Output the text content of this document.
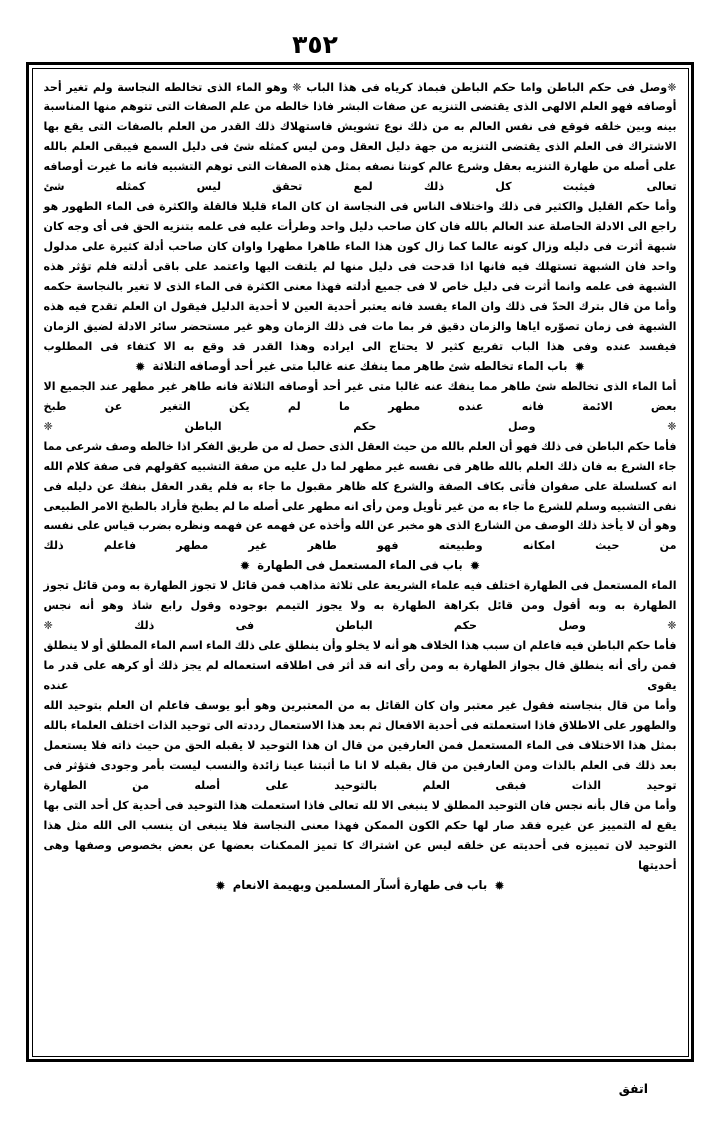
٣٥٢

❈وصل فى حكم الباطن واما حكم الباطن فبماذ كرياه فى هذا الباب ❈ وهو الماء الذى تخالطه النجاسة ولم تغير أحد أوصافه فهو العلم الالهى الذى يقتضى التنزيه عن صفات البشر فاذا خالطه من علم الصفات التى تتوهم منها المناسبة بينه وبين خلقه فوقع فى نفس العالم به من ذلك نوع تشويش فاستهلاك ذلك القدر من العلم بالصفات التى يقع بها الاشتراك فى العلم الذى يقتضى التنزيه من جهة دليل العقل ومن ليس كمثله شئ فى دليل السمع فيبقى العلم بالله على أصله من طهارة التنزيه بعقل وشرع عالم كونتا نصفه بمثل هذه الصفات التى توهم التشبيه فانه ما غيرت أوصافه تعالى فيثبت كل ذلك لمع تحقق ليس كمثله شئ

وأما حكم القليل والكثير فى ذلك واختلاف الناس فى النجاسة ان كان الماء قليلا فالقلة والكثرة فى الماء الطهور هو راجع الى الادلة الحاصلة عند العالم بالله فان كان صاحب دليل واحد وطرأت عليه فى علمه بتنزيه الحق فى أى وجه كان شبهة أثرت فى دليله وزال كونه عالما كما زال كون هذا الماء طاهرا مطهرا واوان كان صاحب أدلة كثيرة على مدلول واحد فان الشبهة تستهلك فيه فانها اذا قدحت فى دليل منها لم يلتفت اليها واعتمد على باقى أدلته فلم تؤثر هذه الشبهة فى علمه وانما أثرت فى دليل خاص لا فى جميع أدلته فهذا معنى الكثرة فى الماء الذى لا تغير بالنجاسة حكمه

وأما من قال بترك الحدّ فى ذلك وان الماء يفسد فانه يعتبر أحدية العين لا أحدية الدليل فيقول ان العلم تقدح فيه هذه الشبهة فى زمان تصوّره اياها والزمان دقيق فر بما مات فى ذلك الزمان وهو غير مستحضر سائر الادلة لضيق الزمان فيفسد عنده وفى هذا الباب تفريع كثير لا يحتاج الى ايراده وهذا القدر قد وقع به الا كتفاء فى المطلوب

✹باب الماء تخالطه شئ طاهر مما ينفك عنه غالبا متى غير أحد أوصافه الثلاثة✹

أما الماء الذى تخالطه شئ طاهر مما ينفك عنه غالبا متى غير أحد أوصافه الثلاثة فانه طاهر غير مطهر عند الجميع الا بعض الائمة فانه عنده مطهر ما لم يكن التغير عن طبخ

❈ وصل حكم الباطن ❈

فأما حكم الباطن فى ذلك فهو أن العلم بالله من حيث العقل الذى حصل له من طريق الفكر اذا خالطه وصف شرعى مما جاء الشرع به فان ذلك العلم بالله طاهر فى نفسه غير مطهر لما دل عليه من صفة التشبيه كقولهم فى صفة كلام الله انه كسلسلة على صفوان فأتى بكاف الصفة والشرع كله ظاهر مقبول ما جاء به فلم يقدر العقل بنفك عن دليله فى نفى التشبيه وسلم للشرع ما جاء به من غير تأويل ومن رأى انه مطهر على أصله ما لم يطبخ فأراد بالطبخ الامر الطبيعى وهو أن لا يأخذ ذلك الوصف من الشارع الذى هو مخبر عن الله وأخذه عن فهمه عن فهمه ونظره بضرب قياس على نفسه من حيث امكانه وطبيعته فهو طاهر غير مطهر فاعلم ذلك

✹باب فى الماء المستعمل فى الطهارة✹

الماء المستعمل فى الطهارة اختلف فيه علماء الشريعة على ثلاثة مذاهب فمن قائل لا تجوز الطهارة به ومن قائل تجوز الطهارة به وبه أقول ومن قائل بكراهة الطهارة به ولا يجوز التيمم بوجوده وقول رابع شاذ وهو أنه نجس

❈ وصل حكم الباطن فى ذلك ❈

فأما حكم الباطن فيه فاعلم ان سبب هذا الخلاف هو أنه لا يخلو وأن ينطلق على ذلك الماء اسم الماء المطلق أو لا ينطلق فمن رأى أنه ينطلق قال بجواز الطهارة به ومن رأى انه قد أثر فى اطلاقه استعماله لم يجز ذلك أو كرهه على قدر ما يقوى عنده

وأما من قال بنجاسته فقول غير معتبر وان كان القائل به من المعتبرين وهو أبو يوسف فاعلم ان العلم بتوحيد الله والطهور على الاطلاق فاذا استعملته فى أحدية الافعال ثم بعد هذا الاستعمال رددته الى توحيد الذات اختلف العلماء بالله بمثل هذا الاختلاف فى الماء المستعمل فمن العارفين من قال ان هذا التوحيد لا يقبله الحق من حيث ذاته فلا يستعمل بعد ذلك فى العلم بالذات ومن العارفين من قال بقبله لا انا ما أثبتنا عينا زائدة والنسب ليست بأمر وجودى فتؤثر فى توحيد الذات فبقى العلم بالتوحيد على أصله من الطهارة

وأما من قال بأنه نجس فان التوحيد المطلق لا ينبغى الا لله تعالى فاذا استعملت هذا التوحيد فى أحدية كل أحد التى بها يقع له التمييز عن غيره فقد صار لها حكم الكون الممكن فهذا معنى النجاسة فلا ينبغى ان ينسب الى الله مثل هذا التوحيد لان تمييزه فى أحديته عن خلقه ليس عن اشتراك كا تميز الممكنات بعضها عن بعض بخصوص وصفها وهى أحديتها

✹باب فى طهارة أسآر المسلمين وبهيمة الانعام✹

اتفق
